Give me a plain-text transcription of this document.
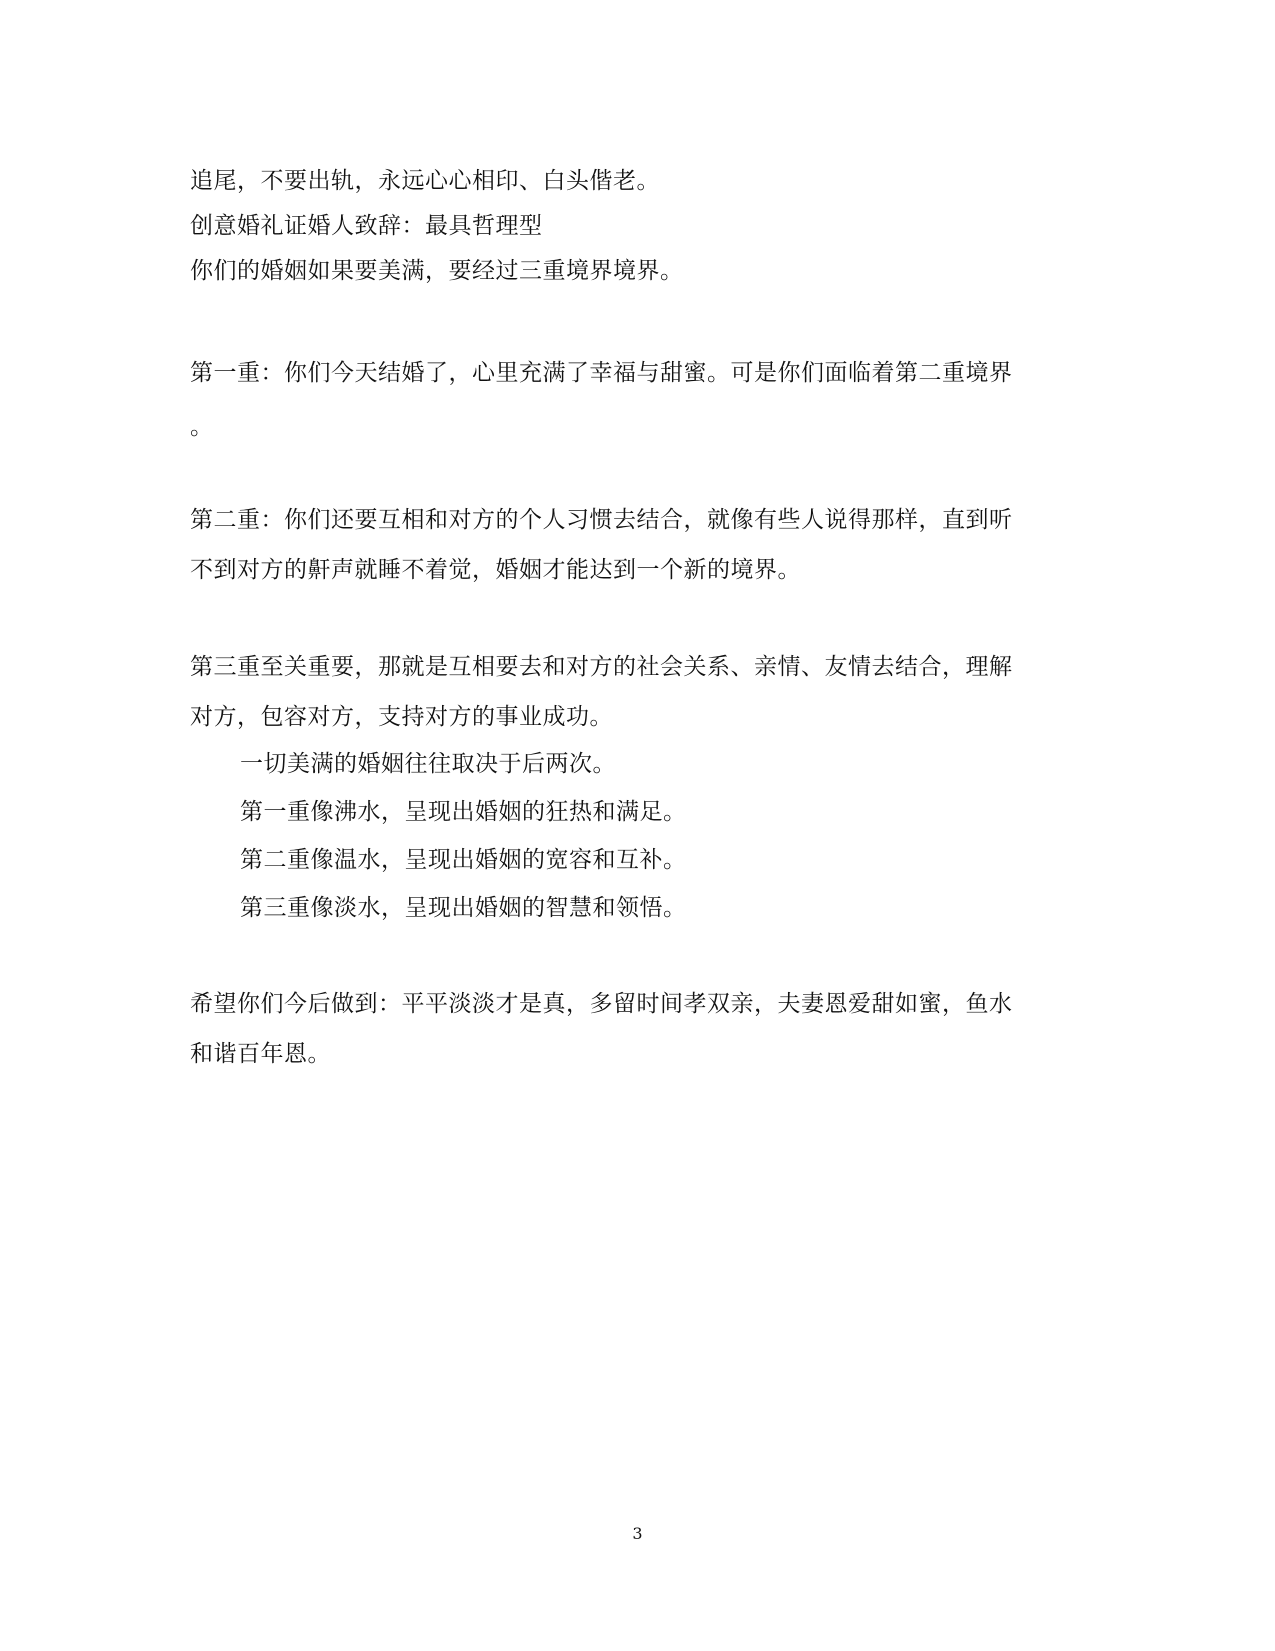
追尾，不要出轨，永远心心相印、白头偕老。
创意婚礼证婚人致辞：最具哲理型
你们的婚姻如果要美满，要经过三重境界境界。
第一重：你们今天结婚了，心里充满了幸福与甜蜜。可是你们面临着第二重境界
。
第二重：你们还要互相和对方的个人习惯去结合，就像有些人说得那样，直到听
不到对方的鼾声就睡不着觉，婚姻才能达到一个新的境界。
第三重至关重要，那就是互相要去和对方的社会关系、亲情、友情去结合，理解
对方，包容对方，支持对方的事业成功。
一切美满的婚姻往往取决于后两次。
第一重像沸水，呈现出婚姻的狂热和满足。
第二重像温水，呈现出婚姻的宽容和互补。
第三重像淡水，呈现出婚姻的智慧和领悟。
希望你们今后做到：平平淡淡才是真，多留时间孝双亲，夫妻恩爱甜如蜜，鱼水
和谐百年恩。
3
